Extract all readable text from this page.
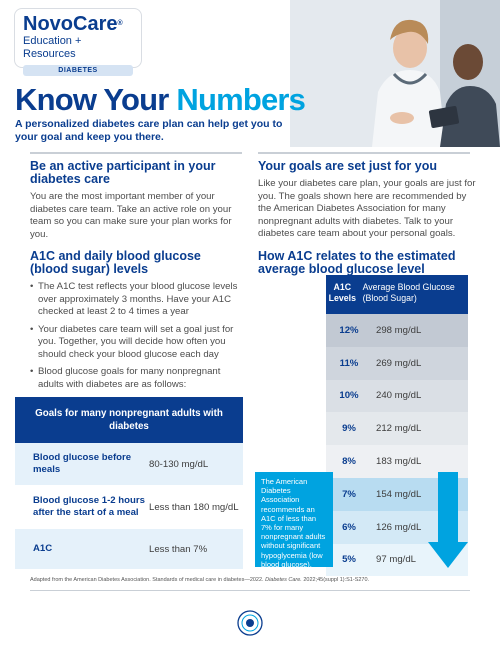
NovoCare®
Education + Resources
DIABETES
Know Your Numbers
A personalized diabetes care plan can help get you to your goal and keep you there.
Be an active participant in your diabetes care

You are the most important member of your diabetes care team. Take an active role on your team so you can make sure your plan works for you.

A1C and daily blood glucose (blood sugar) levels
• The A1C test reflects your blood glucose levels over approximately 3 months. Have your A1C checked at least 2 to 4 times a year
• Your diabetes care team will set a goal just for you. Together, you will decide how often you should check your blood glucose each day
• Blood glucose goals for many nonpregnant adults with diabetes are as follows:
Goals for many nonpregnant adults with diabetes
Blood glucose before meals	80-130 mg/dL
Blood glucose 1-2 hours after the start of a meal	Less than 180 mg/dL
A1C	Less than 7%
Your goals are set just for you

Like your diabetes care plan, your goals are just for you. The goals shown here are recommended by the American Diabetes Association for many nonpregnant adults with diabetes. Talk to your diabetes care team about your personal goals.

How A1C relates to the estimated average blood glucose level
A1C Levels
Average Blood Glucose (Blood Sugar)
12%	298 mg/dL
11%	269 mg/dL
10%	240 mg/dL
9%	212 mg/dL
8%	183 mg/dL
7%	154 mg/dL
6%	126 mg/dL
5%	97 mg/dL
The American Diabetes Association recommends an A1C of less than 7% for many nonpregnant adults without significant hypoglycemia (low blood glucose).
Adapted from the American Diabetes Association. Standards of medical care in diabetes—2022. Diabetes Care. 2022;45(suppl 1):S1-S270.
